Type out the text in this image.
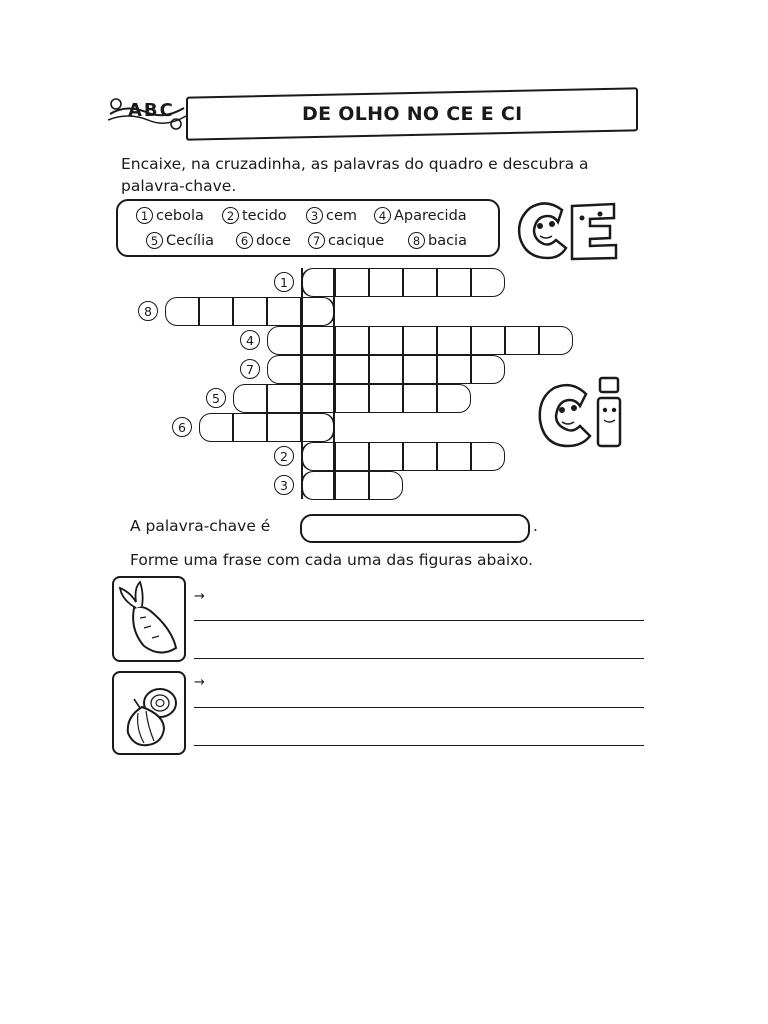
ABC	DE OLHO NO CE E CI
Encaixe, na cruzadinha, as palavras do quadro e descubra a
palavra-chave.
1 cebola	2 tecido	3 cem	4 Aparecida
5 Cecília	6 doce	7 cacique	8 bacia
1
8
4
7
5
6
2
3
A palavra-chave é	.
Forme uma frase com cada uma das figuras abaixo.
→
→
